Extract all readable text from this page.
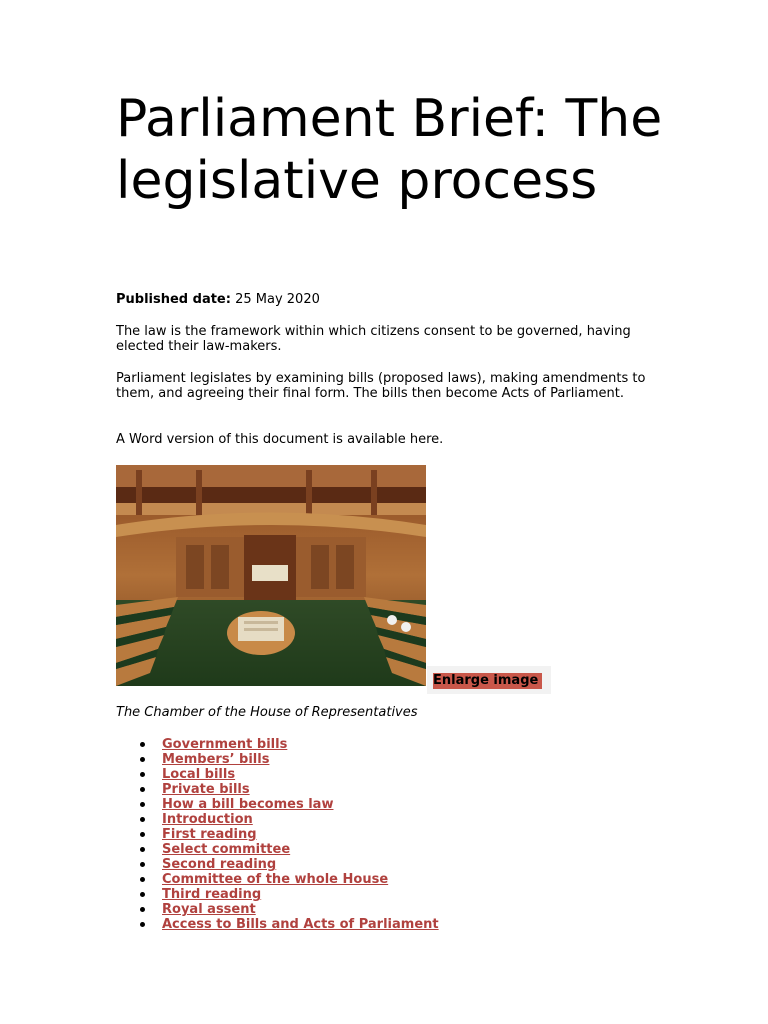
Parliament Brief: The legislative process
Published date: 25 May 2020

The law is the framework within which citizens consent to be governed, having elected their law-makers.

Parliament legislates by examining bills (proposed laws), making amendments to them, and agreeing their final form. The bills then become Acts of Parliament.

A Word version of this document is available here.

Enlarge image
The Chamber of the House of Representatives
Government bills
Members’ bills
Local bills
Private bills
How a bill becomes law
Introduction
First reading
Select committee
Second reading
Committee of the whole House
Third reading
Royal assent
Access to Bills and Acts of Parliament
